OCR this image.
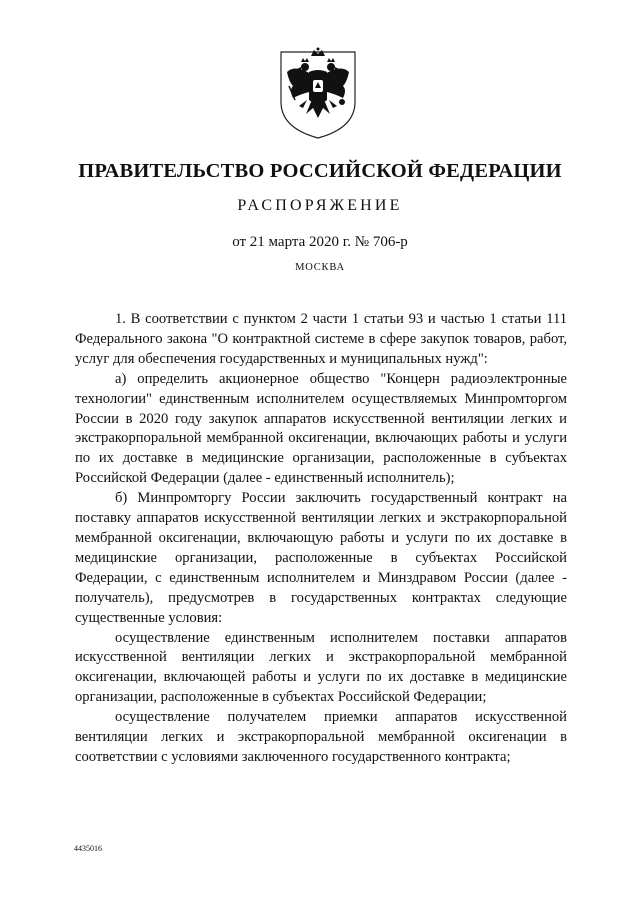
ПРАВИТЕЛЬСТВО РОССИЙСКОЙ ФЕДЕРАЦИИ
РАСПОРЯЖЕНИЕ
от 21 марта 2020 г. № 706-р
МОСКВА

1. В соответствии с пунктом 2 части 1 статьи 93 и частью 1 статьи 111 Федерального закона "О контрактной системе в сфере закупок товаров, работ, услуг для обеспечения государственных и муниципальных нужд":

а) определить акционерное общество "Концерн радиоэлектронные технологии" единственным исполнителем осуществляемых Минпромторгом России в 2020 году закупок аппаратов искусственной вентиляции легких и экстракорпоральной мембранной оксигенации, включающих работы и услуги по их доставке в медицинские организации, расположенные в субъектах Российской Федерации (далее - единственный исполнитель);

б) Минпромторгу России заключить государственный контракт на поставку аппаратов искусственной вентиляции легких и экстракорпоральной мембранной оксигенации, включающую работы и услуги по их доставке в медицинские организации, расположенные в субъектах Российской Федерации, с единственным исполнителем и Минздравом России (далее - получатель), предусмотрев в государственных контрактах следующие существенные условия:

осуществление единственным исполнителем поставки аппаратов искусственной вентиляции легких и экстракорпоральной мембранной оксигенации, включающей работы и услуги по их доставке в медицинские организации, расположенные в субъектах Российской Федерации;

осуществление получателем приемки аппаратов искусственной вентиляции легких и экстракорпоральной мембранной оксигенации в соответствии с условиями заключенного государственного контракта;

4435016
